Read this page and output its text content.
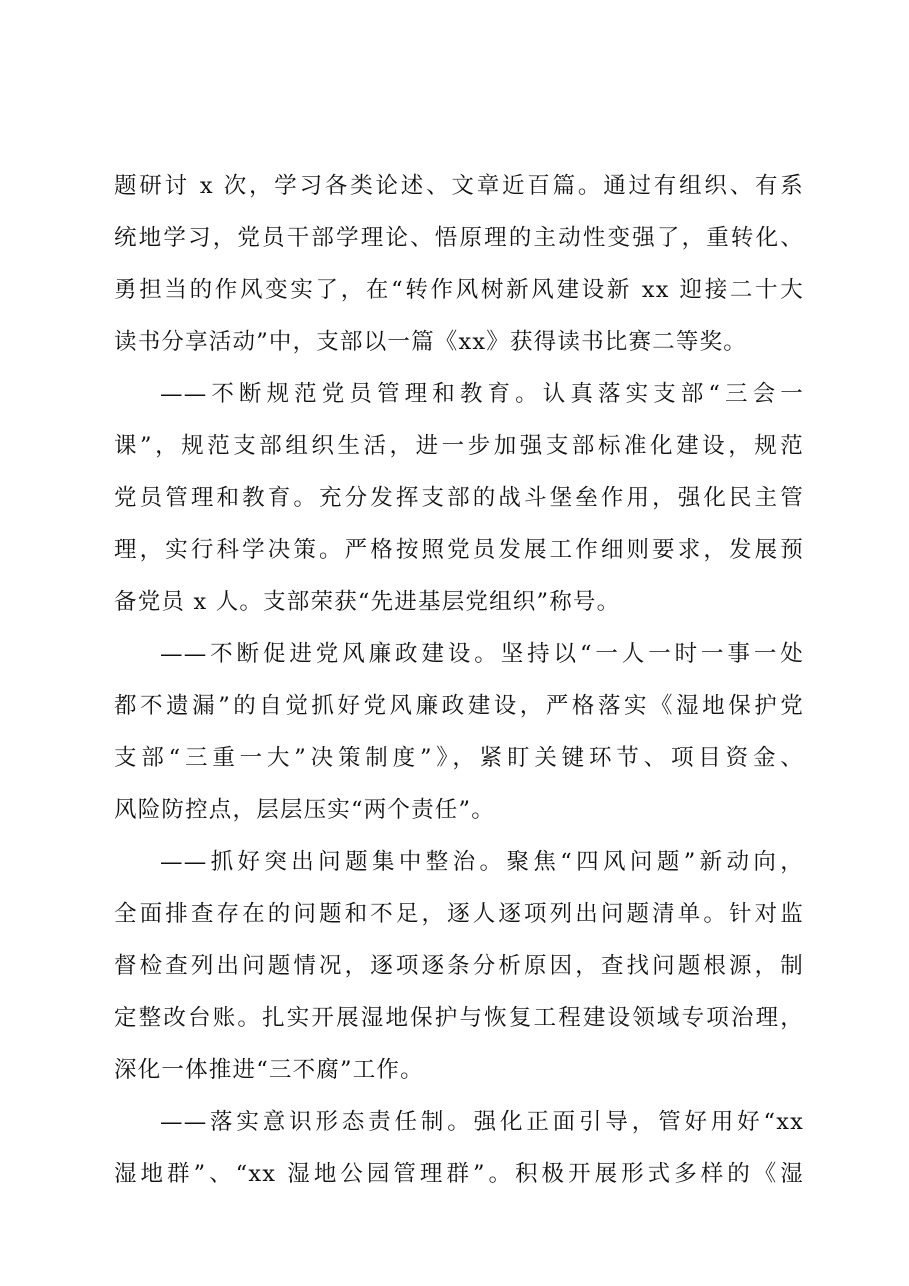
题研讨 x 次，学习各类论述、文章近百篇。通过有组织、有系
统地学习，党员干部学理论、悟原理的主动性变强了，重转化、
勇担当的作风变实了，在“转作风树新风建设新 xx 迎接二十大
读书分享活动”中，支部以一篇《xx》获得读书比赛二等奖。
——不断规范党员管理和教育。认真落实支部“三会一
课”，规范支部组织生活，进一步加强支部标准化建设，规范
党员管理和教育。充分发挥支部的战斗堡垒作用，强化民主管
理，实行科学决策。严格按照党员发展工作细则要求，发展预
备党员 x 人。支部荣获“先进基层党组织”称号。
——不断促进党风廉政建设。坚持以“一人一时一事一处
都不遗漏”的自觉抓好党风廉政建设，严格落实《湿地保护党
支部“三重一大”决策制度”》，紧盯关键环节、项目资金、
风险防控点，层层压实“两个责任”。
——抓好突出问题集中整治。聚焦“四风问题”新动向，
全面排查存在的问题和不足，逐人逐项列出问题清单。针对监
督检查列出问题情况，逐项逐条分析原因，查找问题根源，制
定整改台账。扎实开展湿地保护与恢复工程建设领域专项治理，
深化一体推进“三不腐”工作。
——落实意识形态责任制。强化正面引导，管好用好“xx
湿地群”、“xx 湿地公园管理群”。积极开展形式多样的《湿
